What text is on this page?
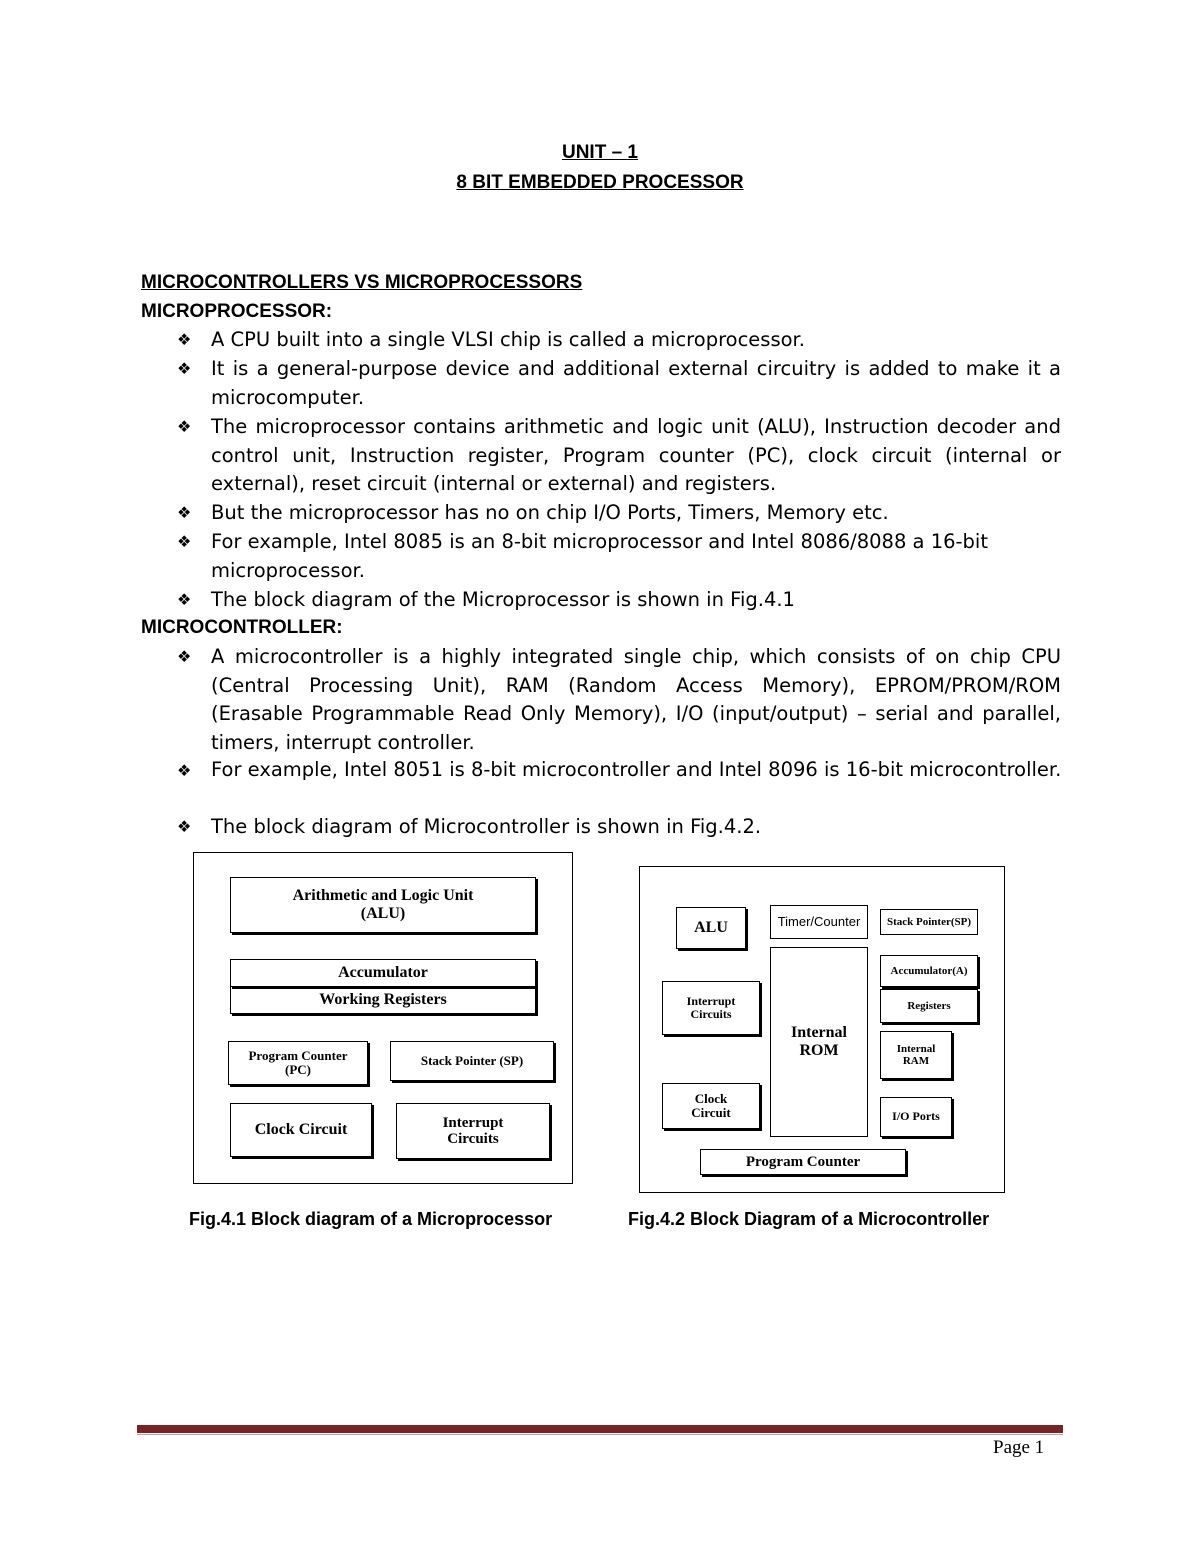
UNIT – 1
8 BIT EMBEDDED PROCESSOR
MICROCONTROLLERS VS MICROPROCESSORS
MICROPROCESSOR:
❖ A CPU built into a single VLSI chip is called a microprocessor.
❖ It is a general-purpose device and additional external circuitry is added to make it a microcomputer.
❖ The microprocessor contains arithmetic and logic unit (ALU), Instruction decoder and control unit, Instruction register, Program counter (PC), clock circuit (internal or external), reset circuit (internal or external) and registers.
❖ But the microprocessor has no on chip I/O Ports, Timers, Memory etc.
❖ For example, Intel 8085 is an 8-bit microprocessor and Intel 8086/8088 a 16-bit microprocessor.
❖ The block diagram of the Microprocessor is shown in Fig.4.1
MICROCONTROLLER:
❖ A microcontroller is a highly integrated single chip, which consists of on chip CPU (Central Processing Unit), RAM (Random Access Memory), EPROM/PROM/ROM (Erasable Programmable Read Only Memory), I/O (input/output) – serial and parallel, timers, interrupt controller.
❖ For example, Intel 8051 is 8-bit microcontroller and Intel 8096 is 16-bit microcontroller.
❖ The block diagram of Microcontroller is shown in Fig.4.2.
Arithmetic and Logic Unit
(ALU)
Accumulator
Working Registers
Program Counter
(PC)
Stack Pointer (SP)
Clock Circuit	Interrupt
Circuits
ALU	Timer/Counter Stack Pointer(SP)
Accumulator(A)
Registers
Interrupt
Circuits
Internal
ROM	Internal
RAM
Clock
Circuit	I/O Ports
Program Counter
Fig.4.1 Block diagram of a Microprocessor	Fig.4.2 Block Diagram of a Microcontroller
Page 1
